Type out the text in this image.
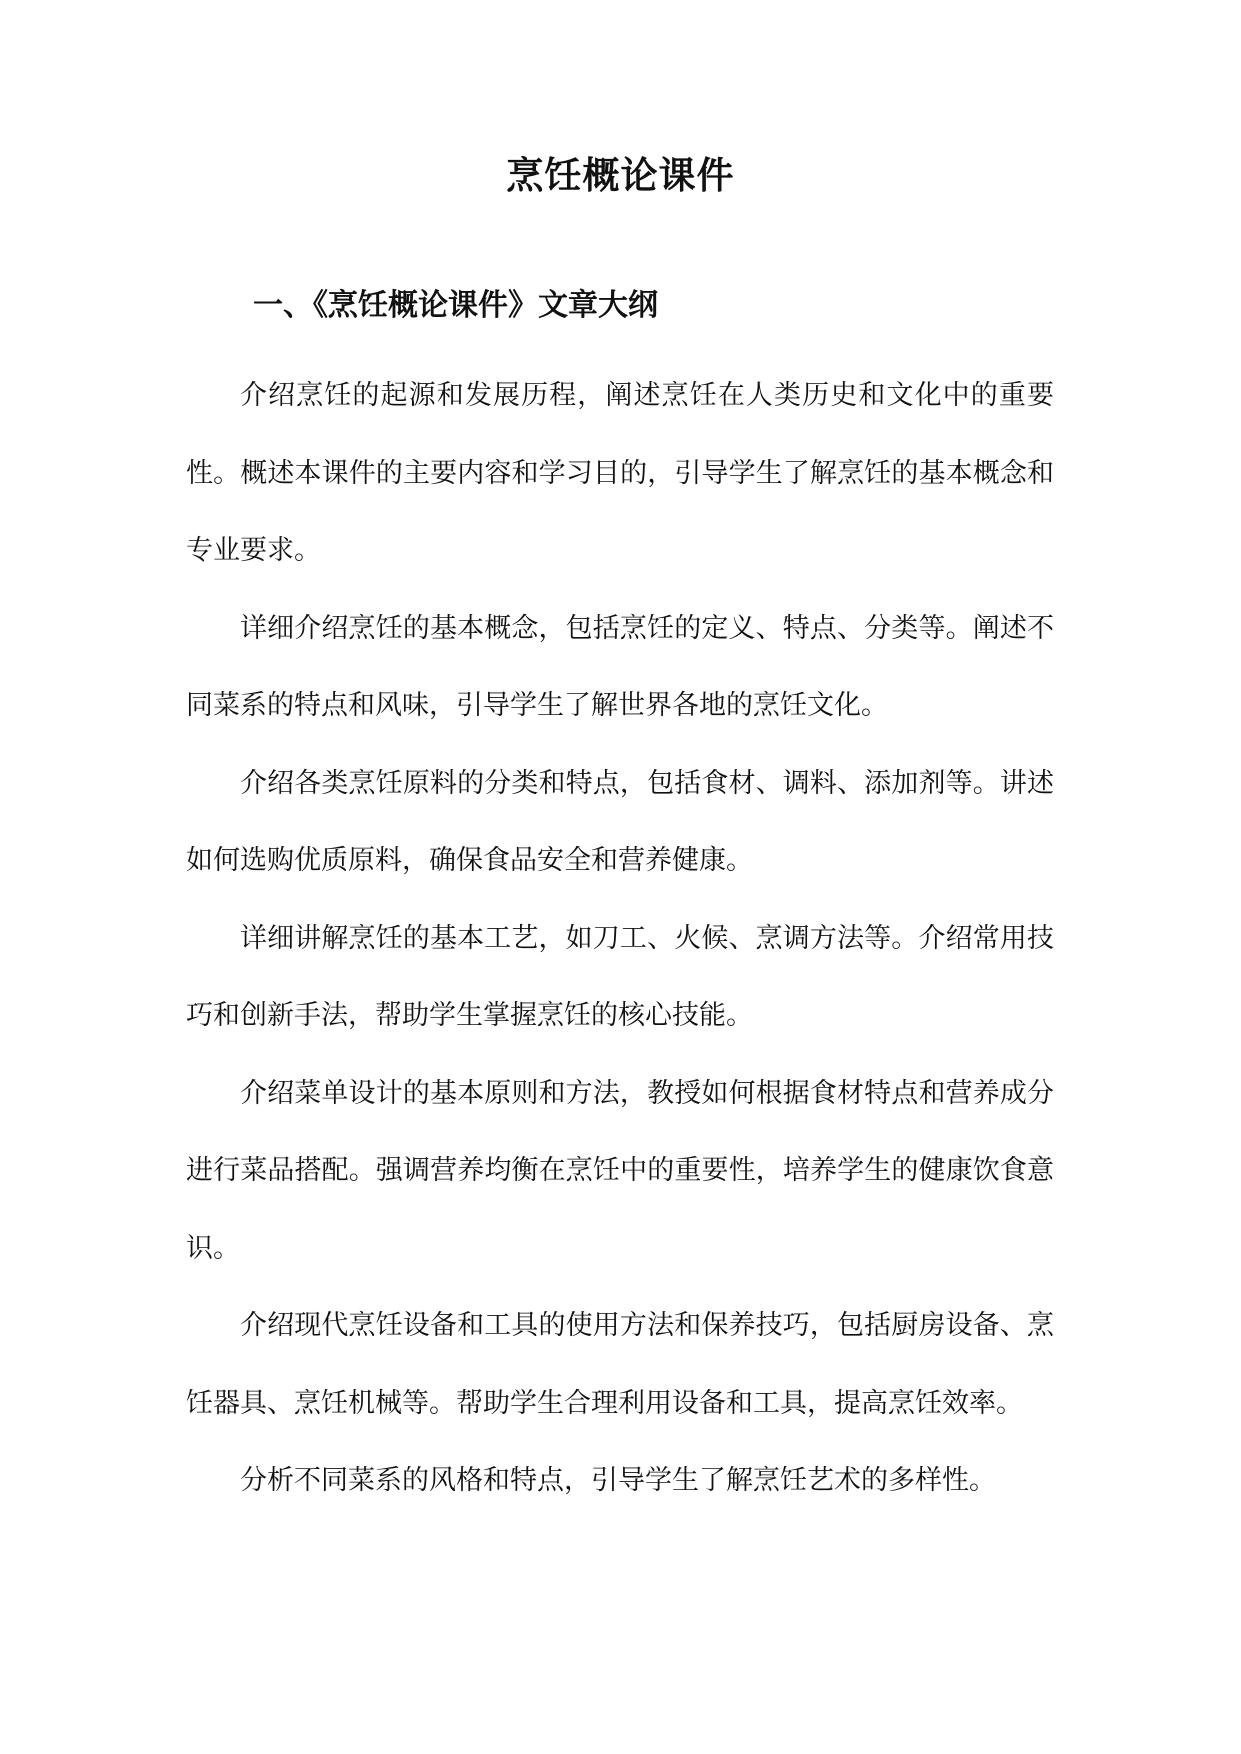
烹饪概论课件
一、《烹饪概论课件》文章大纲

介绍烹饪的起源和发展历程，阐述烹饪在人类历史和文化中的重要性。概述本课件的主要内容和学习目的，引导学生了解烹饪的基本概念和专业要求。

详细介绍烹饪的基本概念，包括烹饪的定义、特点、分类等。阐述不同菜系的特点和风味，引导学生了解世界各地的烹饪文化。

介绍各类烹饪原料的分类和特点，包括食材、调料、添加剂等。讲述如何选购优质原料，确保食品安全和营养健康。

详细讲解烹饪的基本工艺，如刀工、火候、烹调方法等。介绍常用技巧和创新手法，帮助学生掌握烹饪的核心技能。

介绍菜单设计的基本原则和方法，教授如何根据食材特点和营养成分进行菜品搭配。强调营养均衡在烹饪中的重要性，培养学生的健康饮食意识。

介绍现代烹饪设备和工具的使用方法和保养技巧，包括厨房设备、烹饪器具、烹饪机械等。帮助学生合理利用设备和工具，提高烹饪效率。

分析不同菜系的风格和特点，引导学生了解烹饪艺术的多样性。
